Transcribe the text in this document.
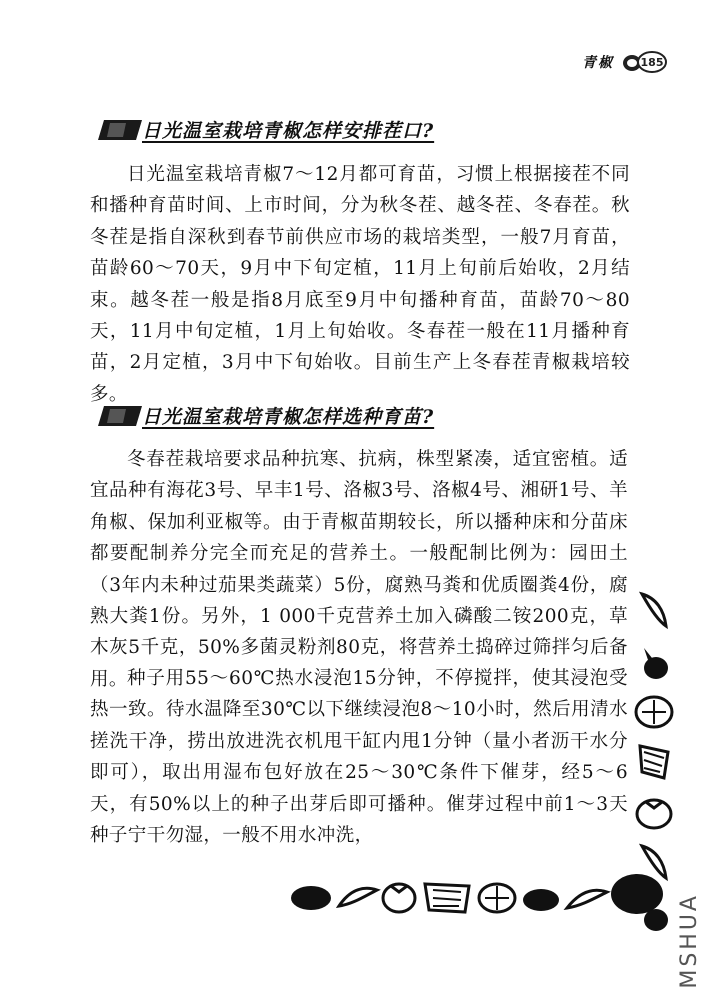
青椒 185
日光温室栽培青椒怎样安排茬口?

日光温室栽培青椒7～12月都可育苗，习惯上根据接茬不同和播种育苗时间、上市时间，分为秋冬茬、越冬茬、冬春茬。秋冬茬是指自深秋到春节前供应市场的栽培类型，一般7月育苗，苗龄60～70天，9月中下旬定植，11月上旬前后始收，2月结束。越冬茬一般是指8月底至9月中旬播种育苗，苗龄70～80天，11月中旬定植，1月上旬始收。冬春茬一般在11月播种育苗，2月定植，3月中下旬始收。目前生产上冬春茬青椒栽培较多。

日光温室栽培青椒怎样选种育苗?

冬春茬栽培要求品种抗寒、抗病，株型紧凑，适宜密植。适宜品种有海花3号、早丰1号、洛椒3号、洛椒4号、湘研1号、羊角椒、保加利亚椒等。由于青椒苗期较长，所以播种床和分苗床都要配制养分完全而充足的营养土。一般配制比例为：园田土（3年内未种过茄果类蔬菜）5份，腐熟马粪和优质圈粪4份，腐熟大粪1份。另外，1 000千克营养土加入磷酸二铵200克，草木灰5千克，50%多菌灵粉剂80克，将营养土捣碎过筛拌匀后备用。 种子用55～60℃热水浸泡15分钟，不停搅拌，使其浸泡受热一致。待水温降至30℃以下继续浸泡8～10小时，然后用清水搓洗干净，捞出放进洗衣机甩干缸内甩1分钟（量小者沥干水分即可），取出用湿布包好放在25～30℃条件下催芽，经5～6天，有50%以上的种子出芽后即可播种。催芽过程中前1～3天种子宁干勿湿，一般不用水冲洗，

MSHUA
